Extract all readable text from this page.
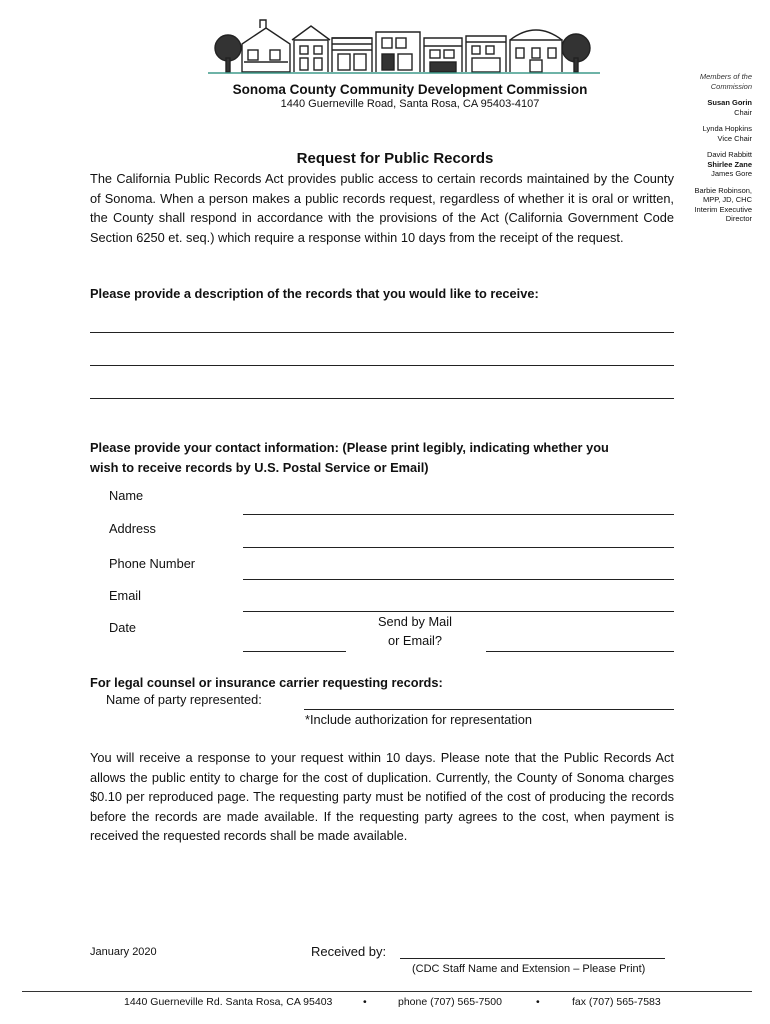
Sonoma County Community Development Commission
1440 Guerneville Road, Santa Rosa, CA 95403-4107
Members of the
Commission
Susan Gorin
Chair
Lynda Hopkins
Vice Chair
David Rabbitt
Shirlee Zane
James Gore
Barbie Robinson,
MPP, JD, CHC
Interim Executive
Director
Request for Public Records
The California Public Records Act provides public access to certain records maintained by the County of Sonoma. When a person makes a public records request, regardless of whether it is oral or written, the County shall respond in accordance with the provisions of the Act (California Government Code Section 6250 et. seq.) which require a response within 10 days from the receipt of the request.
Please provide a description of the records that you would like to receive:
Please provide your contact information: (Please print legibly, indicating whether you
wish to receive records by U.S. Postal Service or Email)
Name
Address
Phone Number
Email
Date	Send by Mail
or Email?
For legal counsel or insurance carrier requesting records:
Name of party represented:
*Include authorization for representation
You will receive a response to your request within 10 days. Please note that the Public Records Act allows the public entity to charge for the cost of duplication. Currently, the County of Sonoma charges $0.10 per reproduced page. The requesting party must be notified of the cost of producing the records before the records are made available. If the requesting party agrees to the cost, when payment is received the requested records shall be made available.
January 2020	Received by:
(CDC Staff Name and Extension – Please Print)
1440 Guerneville Rd. Santa Rosa, CA 95403	•	phone (707) 565-7500	•	fax (707) 565-7583
